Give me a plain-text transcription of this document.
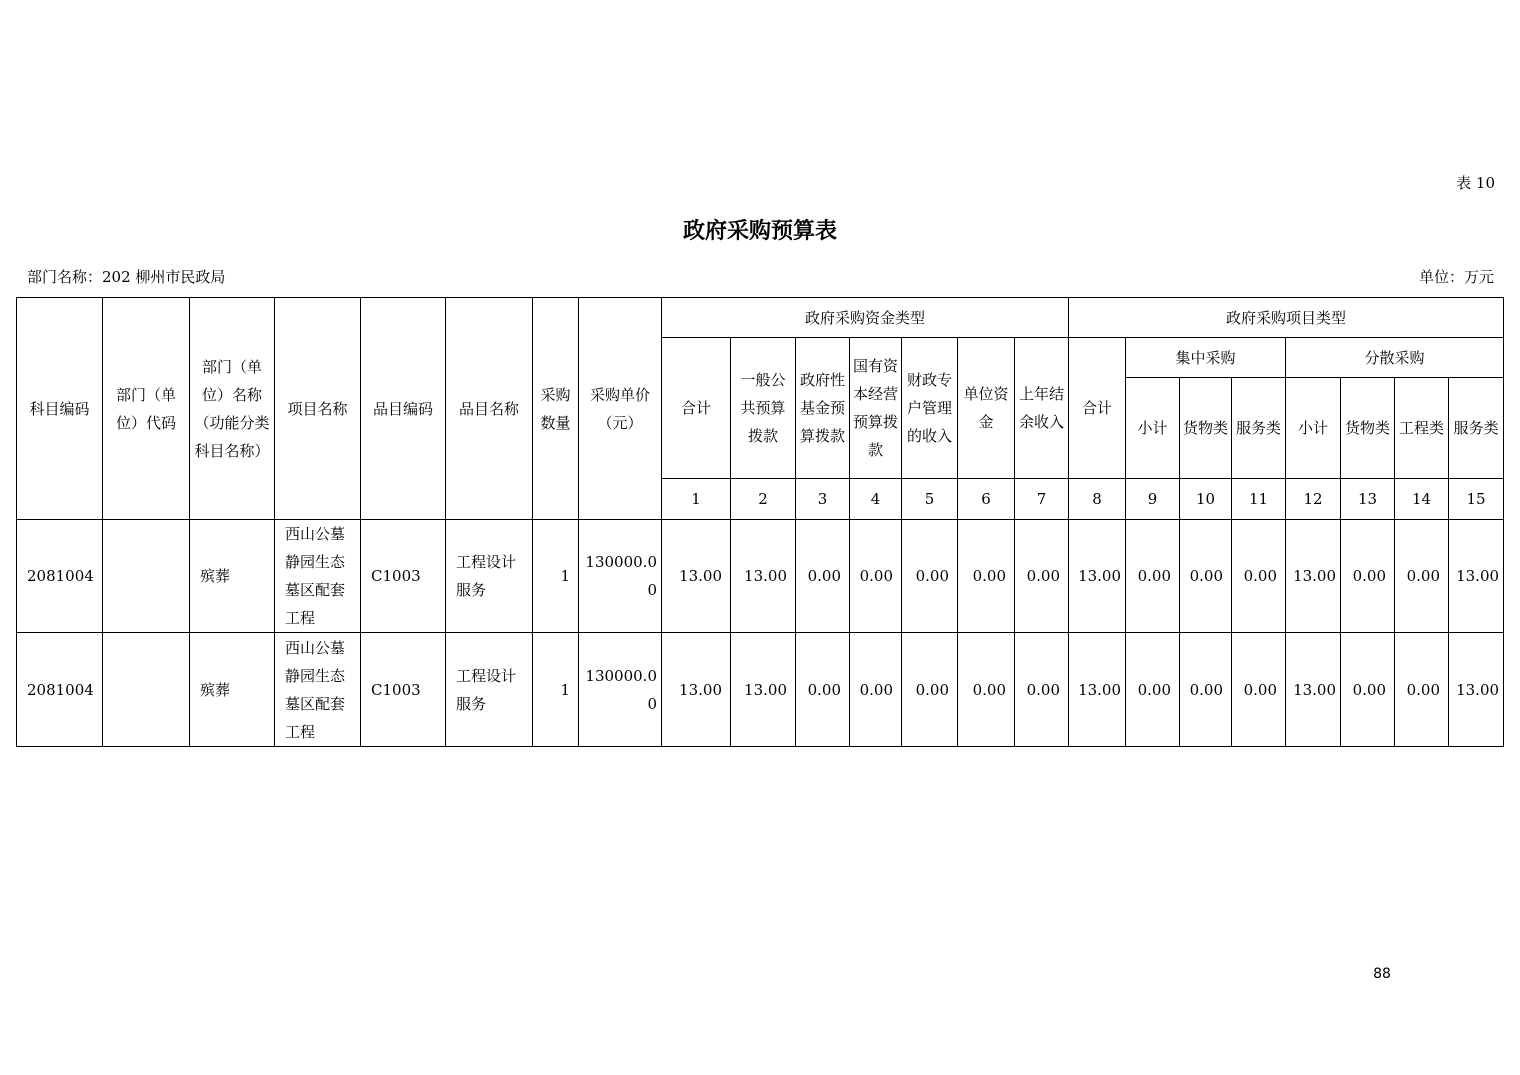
表 10
政府采购预算表
部门名称：202 柳州市民政局	单位：万元
科目编码	部门（单位）代码	部门（单位）名称（功能分类科目名称）	项目名称	品目编码	品目名称	采购数量	采购单价（元）	政府采购资金类型							政府采购项目类型							
								合计	一般公共预算拨款	政府性基金预算拨款	国有资本经营预算拨款	财政专户管理的收入	单位资金	上年结余收入	合计	集中采购			分散采购			
																小计	货物类	服务类	小计	货物类	工程类	服务类
								1	2	3	4	5	6	7	8	9	10	11	12	13	14	15
2081004		殡葬	西山公墓静园生态墓区配套工程	C1003	工程设计服务	1	130000.00	13.00	13.00	0.00	0.00	0.00	0.00	0.00	13.00	0.00	0.00	0.00	13.00	0.00	0.00	13.00
2081004		殡葬	西山公墓静园生态墓区配套工程	C1003	工程设计服务	1	130000.00	13.00	13.00	0.00	0.00	0.00	0.00	0.00	13.00	0.00	0.00	0.00	13.00	0.00	0.00	13.00
88
